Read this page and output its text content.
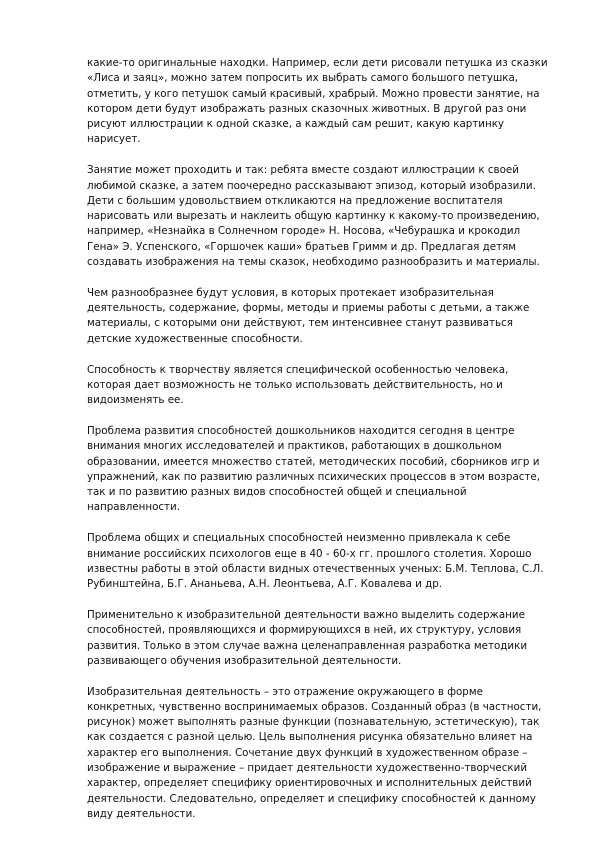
какие-то оригинальные находки. Например, если дети рисовали петушка из сказки «Лиса и заяц», можно затем попросить их выбрать самого большого петушка, отметить, у кого петушок самый красивый, храбрый. Можно провести занятие, на котором дети будут изображать разных сказочных животных. В другой раз они рисуют иллюстрации к одной сказке, а каждый сам решит, какую картинку нарисует.

Занятие может проходить и так: ребята вместе создают иллюстрации к своей любимой сказке, а затем поочередно рассказывают эпизод, который изобразили. Дети с большим удовольствием откликаются на предложение воспитателя нарисовать или вырезать и наклеить общую картинку к какому-то произведению, например, «Незнайка в Солнечном городе» Н. Носова, «Чебурашка и крокодил Гена» Э. Успенского, «Горшочек каши» братьев Гримм и др. Предлагая детям создавать изображения на темы сказок, необходимо разнообразить и материалы.

Чем разнообразнее будут условия, в которых протекает изобразительная деятельность, содержание, формы, методы и приемы работы с детьми, а также материалы, с которыми они действуют, тем интенсивнее станут развиваться детские художественные способности.

Способность к творчеству является специфической особенностью человека, которая дает возможность не только использовать действительность, но и видоизменять ее.

Проблема развития способностей дошкольников находится сегодня в центре внимания многих исследователей и практиков, работающих в дошкольном образовании, имеется множество статей, методических пособий, сборников игр и упражнений, как по развитию различных психических процессов в этом возрасте, так и по развитию разных видов способностей общей и специальной направленности.

Проблема общих и специальных способностей неизменно привлекала к себе внимание российских психологов еще в 40 - 60-х гг. прошлого столетия. Хорошо известны работы в этой области видных отечественных ученых: Б.М. Теплова, С.Л. Рубинштейна, Б.Г. Ананьева, А.Н. Леонтьева, А.Г. Ковалева и др.

Применительно к изобразительной деятельности важно выделить содержание способностей, проявляющихся и формирующихся в ней, их структуру, условия развития. Только в этом случае важна целенаправленная разработка методики развивающего обучения изобразительной деятельности.

Изобразительная деятельность – это отражение окружающего в форме конкретных, чувственно воспринимаемых образов. Созданный образ (в частности, рисунок) может выполнять разные функции (познавательную, эстетическую), так как создается с разной целью. Цель выполнения рисунка обязательно влияет на характер его выполнения. Сочетание двух функций в художественном образе – изображение и выражение – придает деятельности художественно-творческий характер, определяет специфику ориентировочных и исполнительных действий деятельности. Следовательно, определяет и специфику способностей к данному виду деятельности.
